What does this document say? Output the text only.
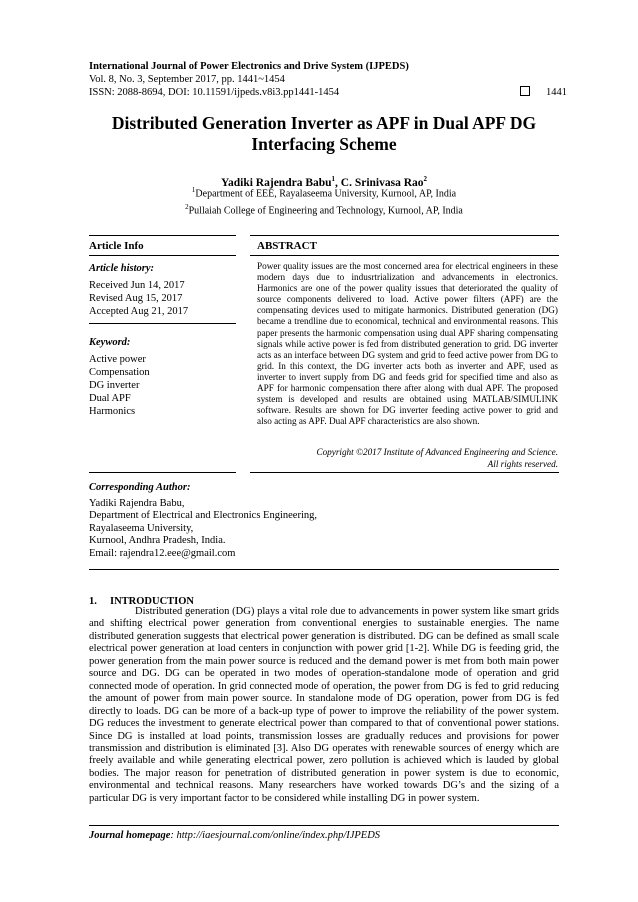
International Journal of Power Electronics and Drive System (IJPEDS)
Vol. 8, No. 3, September 2017, pp. 1441~1454
ISSN: 2088-8694, DOI: 10.11591/ijpeds.v8i3.pp1441-1454	1441
Distributed Generation Inverter as APF in Dual APF DG Interfacing Scheme
Yadiki Rajendra Babu$^1$, C. Srinivasa Rao$^2$
$^1$Department of EEE, Rayalaseema University, Kurnool, AP, India
$^2$Pullaiah College of Engineering and Technology, Kurnool, AP, India
Article Info	ABSTRACT
Article history:
Received Jun 14, 2017
Revised Aug 15, 2017
Accepted Aug 21, 2017
Keyword:
Active power
Compensation
DG inverter
Dual APF
Harmonics
Power quality issues are the most concerned area for electrical engineers in these modern days due to indusrtrialization and advancements in electronics. Harmonics are one of the power quality issues that deteriorated the quality of source components delivered to load. Active power filters (APF) are the compensating devices used to mitigate harmonics. Distributed generation (DG) became a trendline due to economical, technical and environmental reasons. This paper presents the harmonic compensation using dual APF sharing compensating signals while active power is fed from distributed generation to grid. DG inverter acts as an interface between DG system and grid to feed active power from DG to grid. In this context, the DG inverter acts both as inverter and APF, used as inverter to invert supply from DG and feeds grid for specified time and also as APF for harmonic compensation there after along with dual APF. The proposed system is developed and results are obtained using MATLAB/SIMULINK software. Results are shown for DG inverter feeding active power to grid and also acting as APF. Dual APF characteristics are also shown.
Copyright ©2017 Institute of Advanced Engineering and Science.
All rights reserved.
Corresponding Author:
Yadiki Rajendra Babu,
Department of Electrical and Electronics Engineering,
Rayalaseema University,
Kurnool, Andhra Pradesh, India.
Email: rajendra12.eee@gmail.com
1. INTRODUCTION
Distributed generation (DG) plays a vital role due to advancements in power system like smart grids and shifting electrical power generation from conventional energies to sustainable energies. The name distributed generation suggests that electrical power generation is distributed. DG can be defined as small scale electrical power generation at load centers in conjunction with power grid [1-2]. While DG is feeding grid, the power generation from the main power source is reduced and the demand power is met from both main power source and DG. DG can be operated in two modes of operation-standalone mode of operation and grid connected mode of operation. In grid connected mode of operation, the power from DG is fed to grid reducing the amount of power from main power source. In standalone mode of DG operation, power from DG is fed directly to loads. DG can be more of a back-up type of power to improve the reliability of the power system. DG reduces the investment to generate electrical power than compared to that of conventional power stations. Since DG is installed at load points, transmission losses are gradually reduces and provisions for power transmission and distribution is eliminated [3]. Also DG operates with renewable sources of energy which are freely available and while generating electrical power, zero pollution is achieved which is lauded by global bodies. The major reason for penetration of distributed generation in power system is due to economic, environmental and technical reasons. Many researchers have worked towards DG’s and the sizing of a particular DG is very important factor to be considered while installing DG in power system.
Journal homepage: http://iaesjournal.com/online/index.php/IJPEDS
